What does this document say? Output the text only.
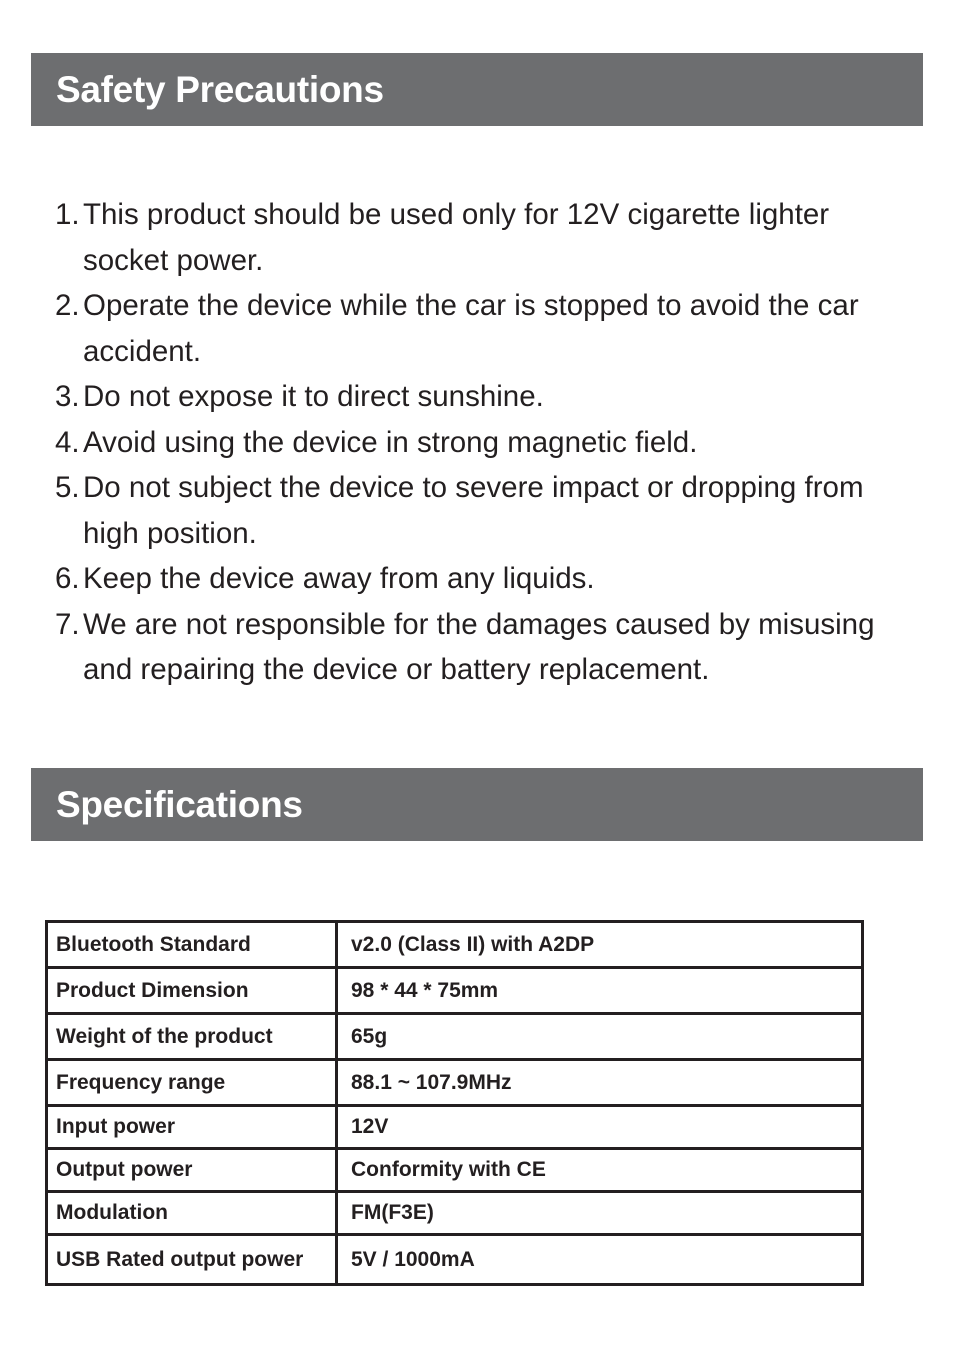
Safety Precautions
1. This product should be used only for 12V cigarette lighter socket power.
2. Operate the device while the car is stopped to avoid the car accident.
3. Do not expose it to direct sunshine.
4. Avoid using the device in strong magnetic field.
5. Do not subject the device to severe impact or dropping from high position.
6. Keep the device away from any liquids.
7. We are not responsible for the damages caused by misusing and repairing the device or battery replacement.
Specifications
Bluetooth Standard	v2.0 (Class II) with A2DP
Product Dimension	98 * 44 * 75mm
Weight of the product	65g
Frequency range	88.1 ~ 107.9MHz
Input power	12V
Output power	Conformity with CE
Modulation	FM(F3E)
USB Rated output power	5V / 1000mA
